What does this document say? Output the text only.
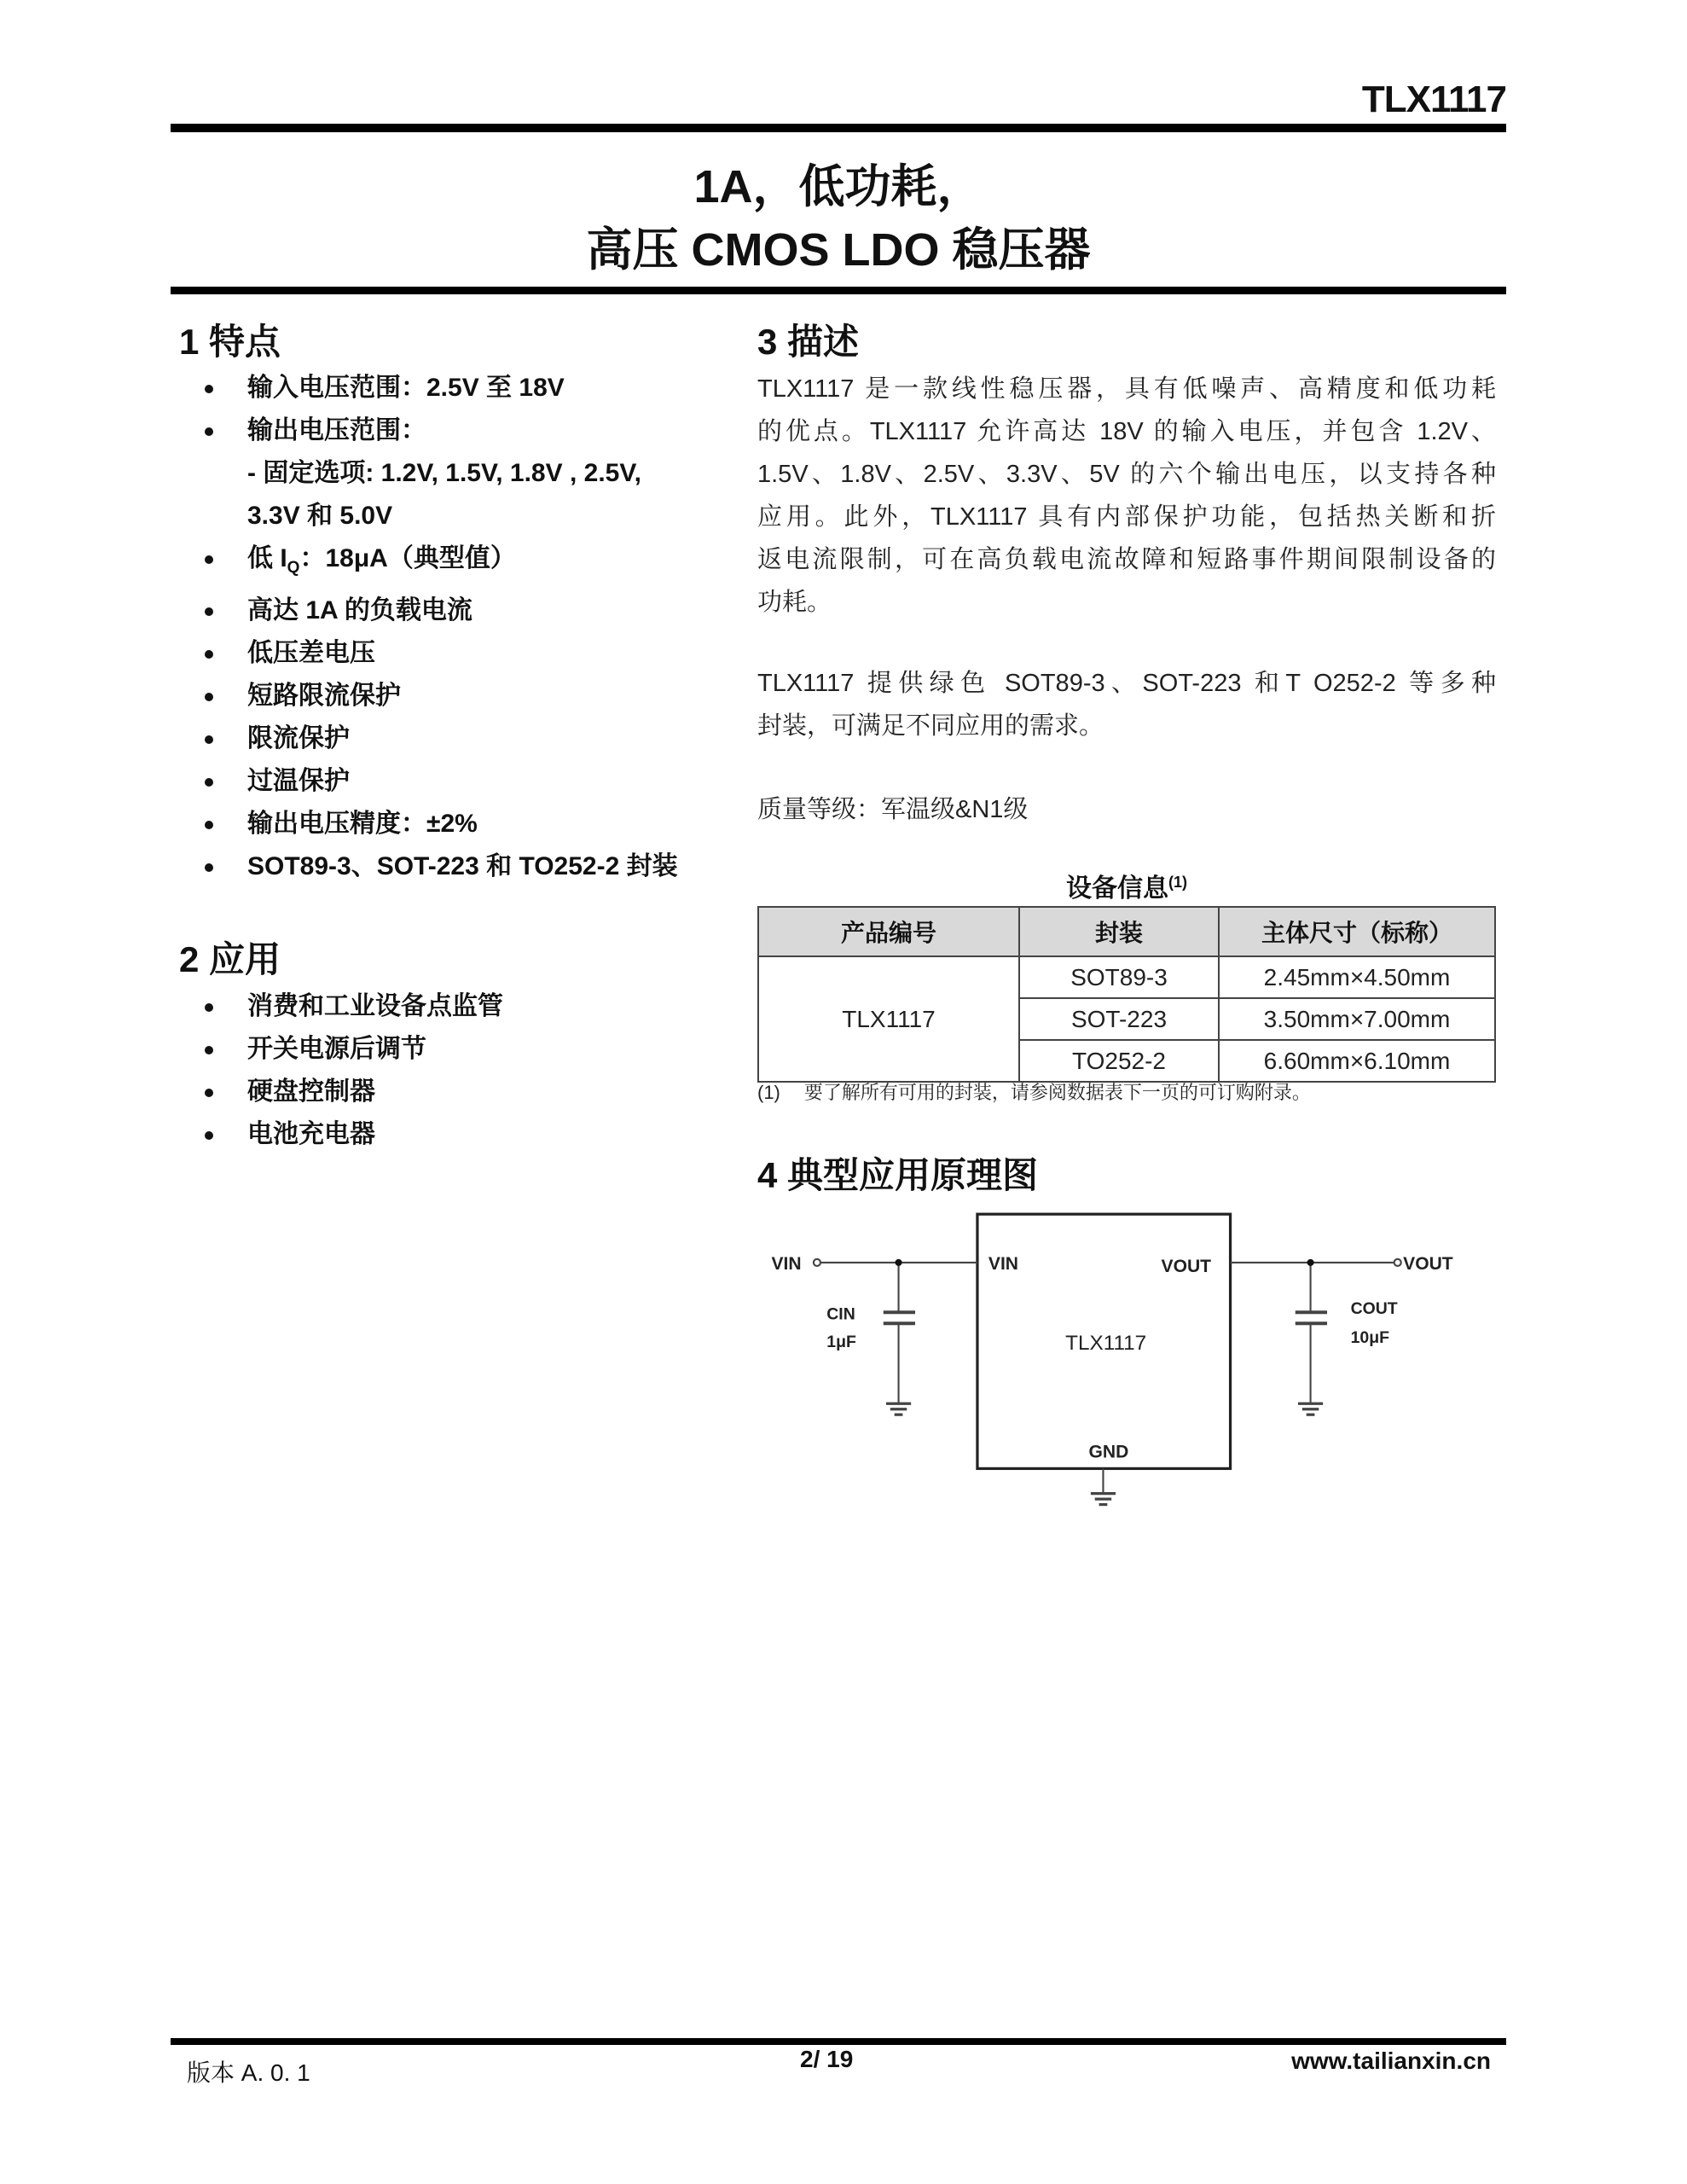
TLX1117
1A，低功耗，
高压 CMOS LDO 稳压器
1 特点
输入电压范围：2.5V 至 18V
输出电压范围：
- 固定选项: 1.2V, 1.5V, 1.8V , 2.5V,
3.3V 和 5.0V
低 $I_Q$：18μA（典型值）
高达 1A 的负载电流
低压差电压
短路限流保护
限流保护
过温保护
输出电压精度：±2%
SOT89-3、SOT-223 和 TO252-2 封装
2 应用
消费和工业设备点监管
开关电源后调节
硬盘控制器
电池充电器
3 描述
TLX1117 是一款线性稳压器，具有低噪声、高精度和低功耗
的优点。TLX1117 允许高达 18V 的输入电压，并包含 1.2V、
1.5V、1.8V、2.5V、3.3V、5V 的六个输出电压，以支持各种
应用。此外，TLX1117 具有内部保护功能，包括热关断和折
返电流限制，可在高负载电流故障和短路事件期间限制设备的
功耗。
TLX1117 提供绿色 SOT89-3、SOT-223 和T O252-2 等多种
封装，可满足不同应用的需求。
质量等级：军温级&N1级
设备信息$^{(1)}$
产品编号	封装	主体尺寸（标称）
TLX1117	SOT89-3	2.45mm×4.50mm
	SOT-223	3.50mm×7.00mm
	TO252-2	6.60mm×6.10mm
(1) 要了解所有可用的封装，请参阅数据表下一页的可订购附录。
4 典型应用原理图
VIN	VIN	VOUT	VOUT
CIN
1μF
COUT
10μF
TLX1117
GND
版本 A. 0. 1
2/ 19	www.tailianxin.cn
